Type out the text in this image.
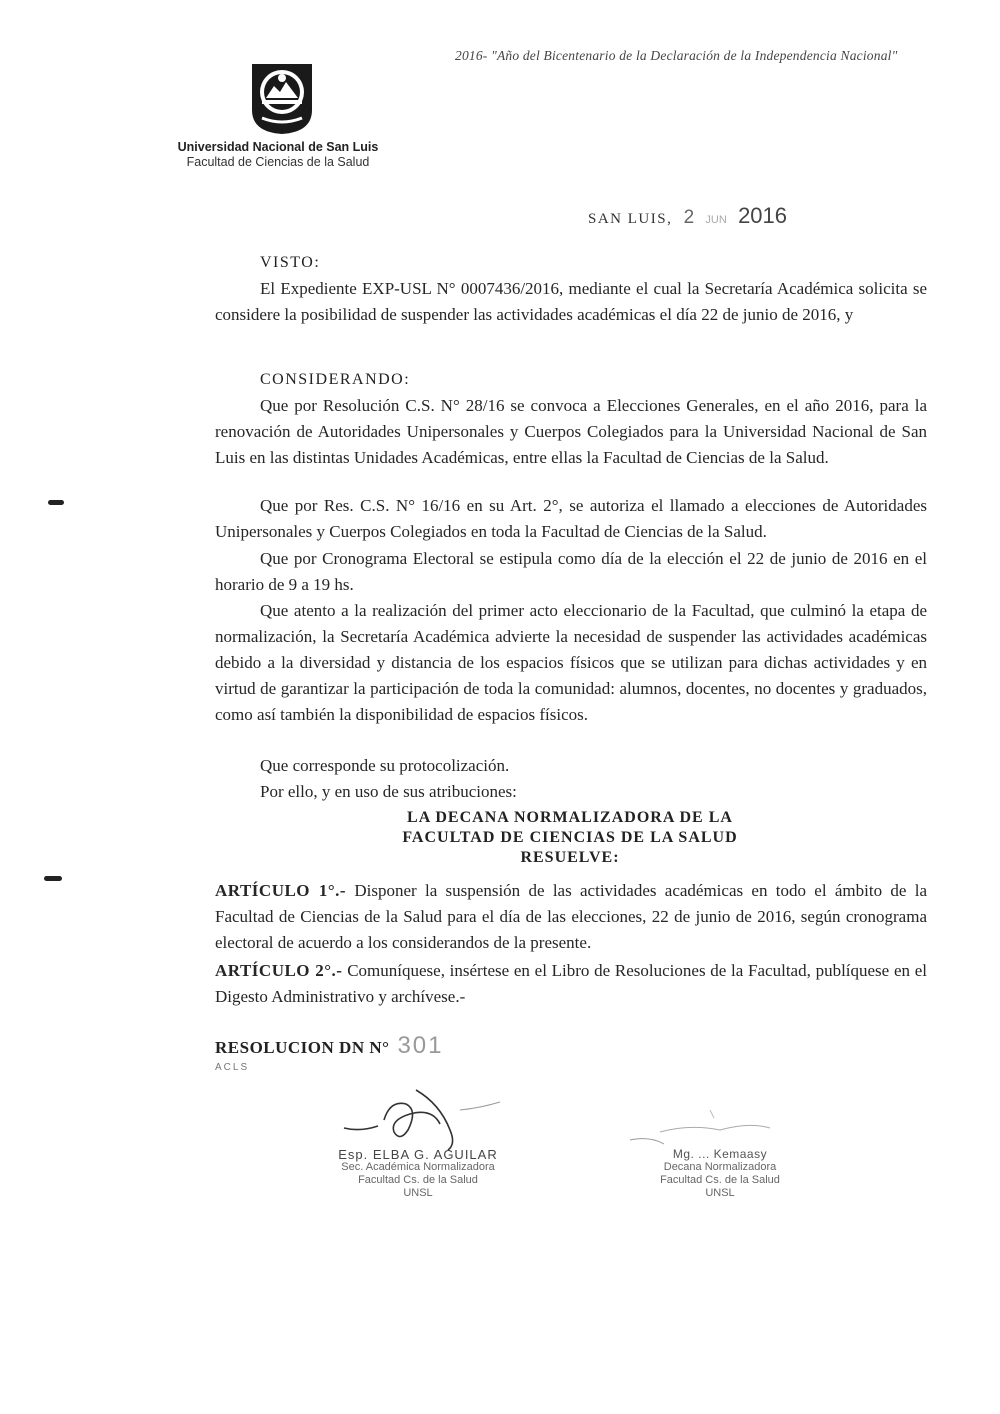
2016- "Año del Bicentenario de la Declaración de la Independencia Nacional"
Universidad Nacional de San Luis
Facultad de Ciencias de la Salud
SAN LUIS, 2 JUN 2016
VISTO:
El Expediente EXP-USL N° 0007436/2016, mediante el cual la Secretaría Académica solicita se considere la posibilidad de suspender las actividades académicas el día 22 de junio de 2016, y
CONSIDERANDO:
Que por Resolución C.S. N° 28/16 se convoca a Elecciones Generales, en el año 2016, para la renovación de Autoridades Unipersonales y Cuerpos Colegiados para la Universidad Nacional de San Luis en las distintas Unidades Académicas, entre ellas la Facultad de Ciencias de la Salud.
Que por Res. C.S. N° 16/16 en su Art. 2°, se autoriza el llamado a elecciones de Autoridades Unipersonales y Cuerpos Colegiados en toda la Facultad de Ciencias de la Salud.
Que por Cronograma Electoral se estipula como día de la elección el 22 de junio de 2016 en el horario de 9 a 19 hs.
Que atento a la realización del primer acto eleccionario de la Facultad, que culminó la etapa de normalización, la Secretaría Académica advierte la necesidad de suspender las actividades académicas debido a la diversidad y distancia de los espacios físicos que se utilizan para dichas actividades y en virtud de garantizar la participación de toda la comunidad: alumnos, docentes, no docentes y graduados, como así también la disponibilidad de espacios físicos.
Que corresponde su protocolización.
Por ello, y en uso de sus atribuciones:
LA DECANA NORMALIZADORA DE LA
FACULTAD DE CIENCIAS DE LA SALUD
RESUELVE:
ARTÍCULO 1°.- Disponer la suspensión de las actividades académicas en todo el ámbito de la Facultad de Ciencias de la Salud para el día de las elecciones, 22 de junio de 2016, según cronograma electoral de acuerdo a los considerandos de la presente.
ARTÍCULO 2°.- Comuníquese, insértese en el Libro de Resoluciones de la Facultad, publíquese en el Digesto Administrativo y archívese.-
RESOLUCION DN N° 301
ACLS
Esp. ELBA G. AGUILAR
Sec. Académica Normalizadora
Facultad Cs. de la Salud
UNSL
Mg. ... Kemaasy
Decana Normalizadora
Facultad Cs. de la Salud
UNSL
